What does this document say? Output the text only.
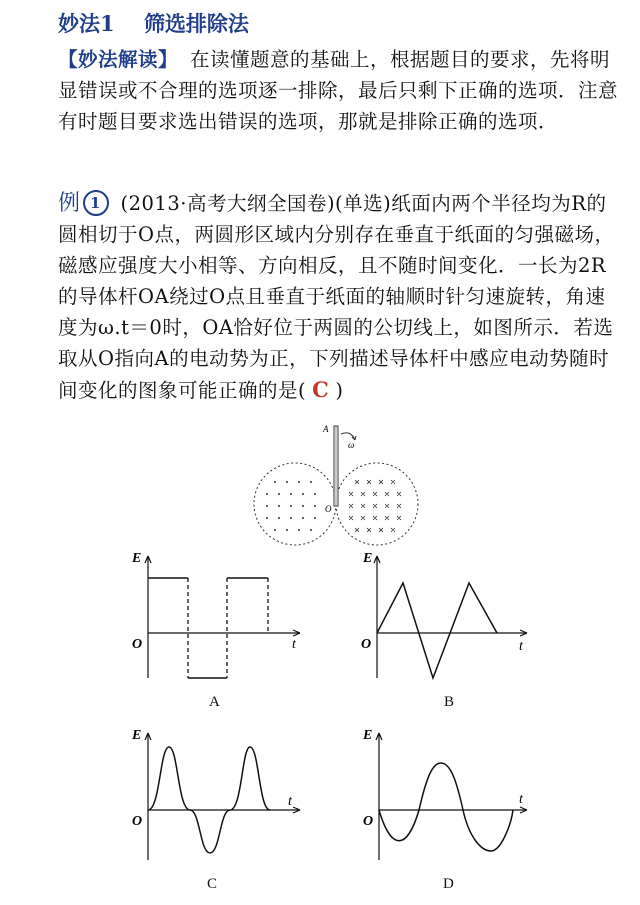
妙法1 筛选排除法
【妙法解读】 在读懂题意的基础上，根据题目的要求，先将明显错误或不合理的选项逐一排除，最后只剩下正确的选项．注意有时题目要求选出错误的选项，那就是排除正确的选项．
例 1 (2013·高考大纲全国卷)(单选)纸面内两个半径均为R的圆相切于O点，两圆形区域内分别存在垂直于纸面的匀强磁场，磁感应强度大小相等、方向相反，且不随时间变化．一长为2R的导体杆OA绕过O点且垂直于纸面的轴顺时针匀速旋转，角速度为ω.t＝0时，OA恰好位于两圆的公切线上，如图所示．若选取从O指向A的电动势为正，下列描述导体杆中感应电动势随时间变化的图象可能正确的是( C )
A
ω
O
E
O	t
A
E
O	t
B
E
O
t
C
E
O
t
D
